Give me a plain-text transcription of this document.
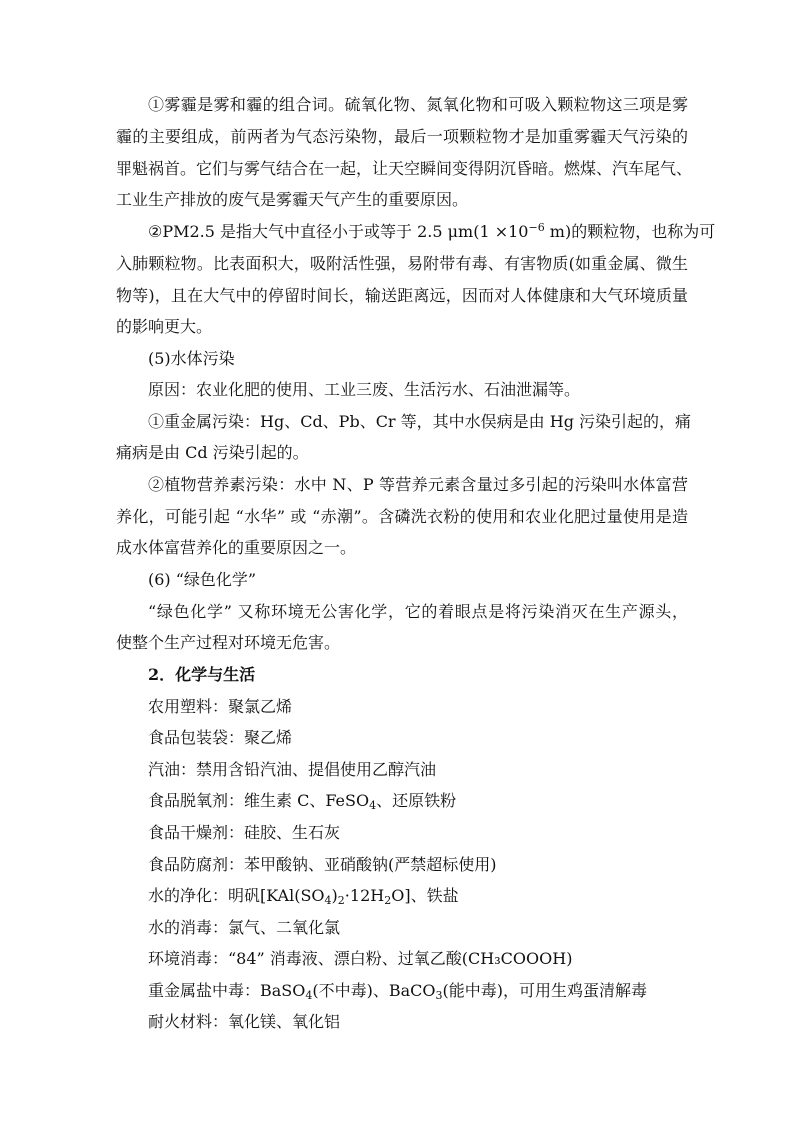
①雾霾是雾和霾的组合词。硫氧化物、氮氧化物和可吸入颗粒物这三项是雾
霾的主要组成，前两者为气态污染物，最后一项颗粒物才是加重雾霾天气污染的
罪魁祸首。它们与雾气结合在一起，让天空瞬间变得阴沉昏暗。燃煤、汽车尾气、
工业生产排放的废气是雾霾天气产生的重要原因。
②PM2.5 是指大气中直径小于或等于 2.5 $\mu m(1 \times 10^{-6}$ m)的颗粒物，也称为可
入肺颗粒物。比表面积大，吸附活性强，易附带有毒、有害物质(如重金属、微生
物等)，且在大气中的停留时间长，输送距离远，因而对人体健康和大气环境质量
的影响更大。
(5)水体污染
原因：农业化肥的使用、工业三废、生活污水、石油泄漏等。
①重金属污染：Hg、Cd、Pb、Cr 等，其中水俣病是由 Hg 污染引起的，痛
痛病是由 Cd 污染引起的。
②植物营养素污染：水中 N、P 等营养元素含量过多引起的污染叫水体富营
养化，可能引起 “水华” 或 “赤潮”。含磷洗衣粉的使用和农业化肥过量使用是造
成水体富营养化的重要原因之一。
(6) “绿色化学”
“绿色化学” 又称环境无公害化学，它的着眼点是将污染消灭在生产源头，
使整个生产过程对环境无危害。
2．化学与生活
农用塑料：聚氯乙烯
食品包装袋：聚乙烯
汽油：禁用含铅汽油、提倡使用乙醇汽油
食品脱氧剂：维生素 C、FeSO$_4$、还原铁粉
食品干燥剂：硅胶、生石灰
食品防腐剂：苯甲酸钠、亚硝酸钠(严禁超标使用)
水的净化：明矾$[KAl(SO_4)_2\cdot 12H_2O]$、铁盐
水的消毒：氯气、二氧化氯
环境消毒：“84” 消毒液、漂白粉、过氧乙酸(CH₃COOOH)
重金属盐中毒：BaSO$_4$(不中毒)、BaCO$_3$(能中毒)，可用生鸡蛋清解毒
耐火材料：氧化镁、氧化铝
